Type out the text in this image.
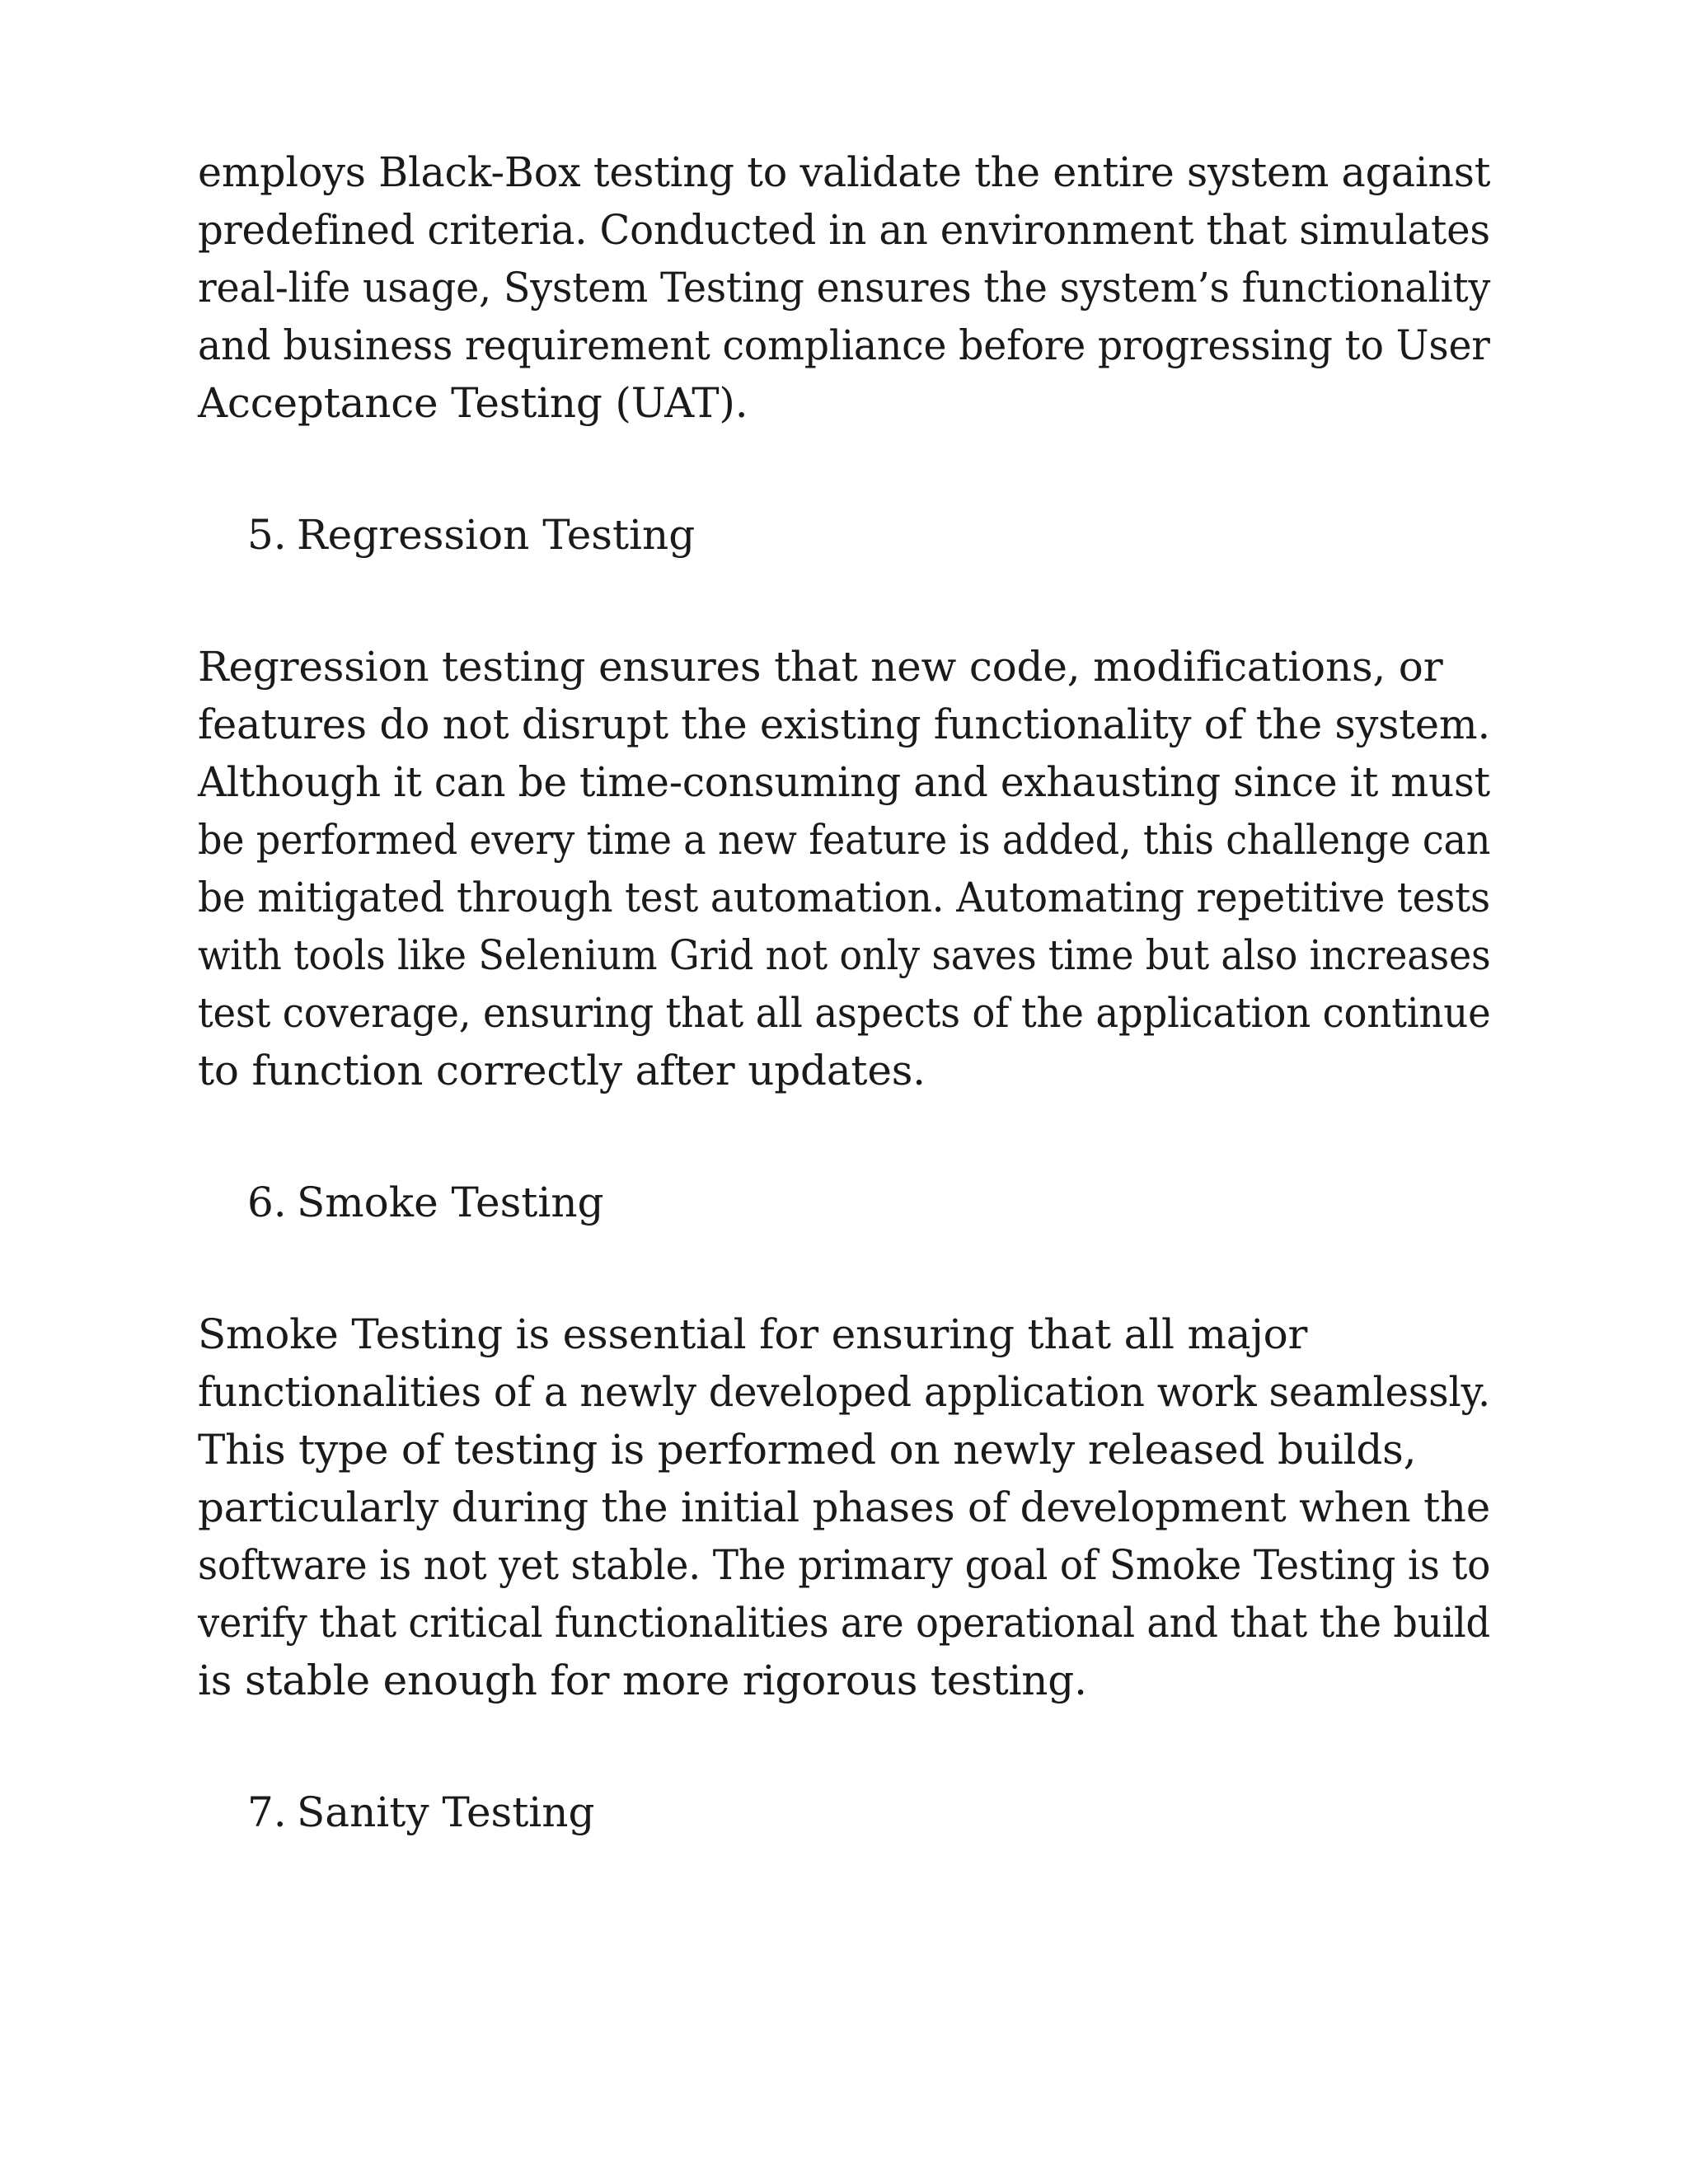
employs Black-Box testing to validate the entire system against

predefined criteria. Conducted in an environment that simulates

real-life usage, System Testing ensures the system’s functionality

and business requirement compliance before progressing to User

Acceptance Testing (UAT).

5. Regression Testing

Regression testing ensures that new code, modifications, or

features do not disrupt the existing functionality of the system.

Although it can be time-consuming and exhausting since it must

be performed every time a new feature is added, this challenge can

be mitigated through test automation. Automating repetitive tests

with tools like Selenium Grid not only saves time but also increases

test coverage, ensuring that all aspects of the application continue

to function correctly after updates.

6. Smoke Testing

Smoke Testing is essential for ensuring that all major

functionalities of a newly developed application work seamlessly.

This type of testing is performed on newly released builds,

particularly during the initial phases of development when the

software is not yet stable. The primary goal of Smoke Testing is to

verify that critical functionalities are operational and that the build

is stable enough for more rigorous testing.

7. Sanity Testing
